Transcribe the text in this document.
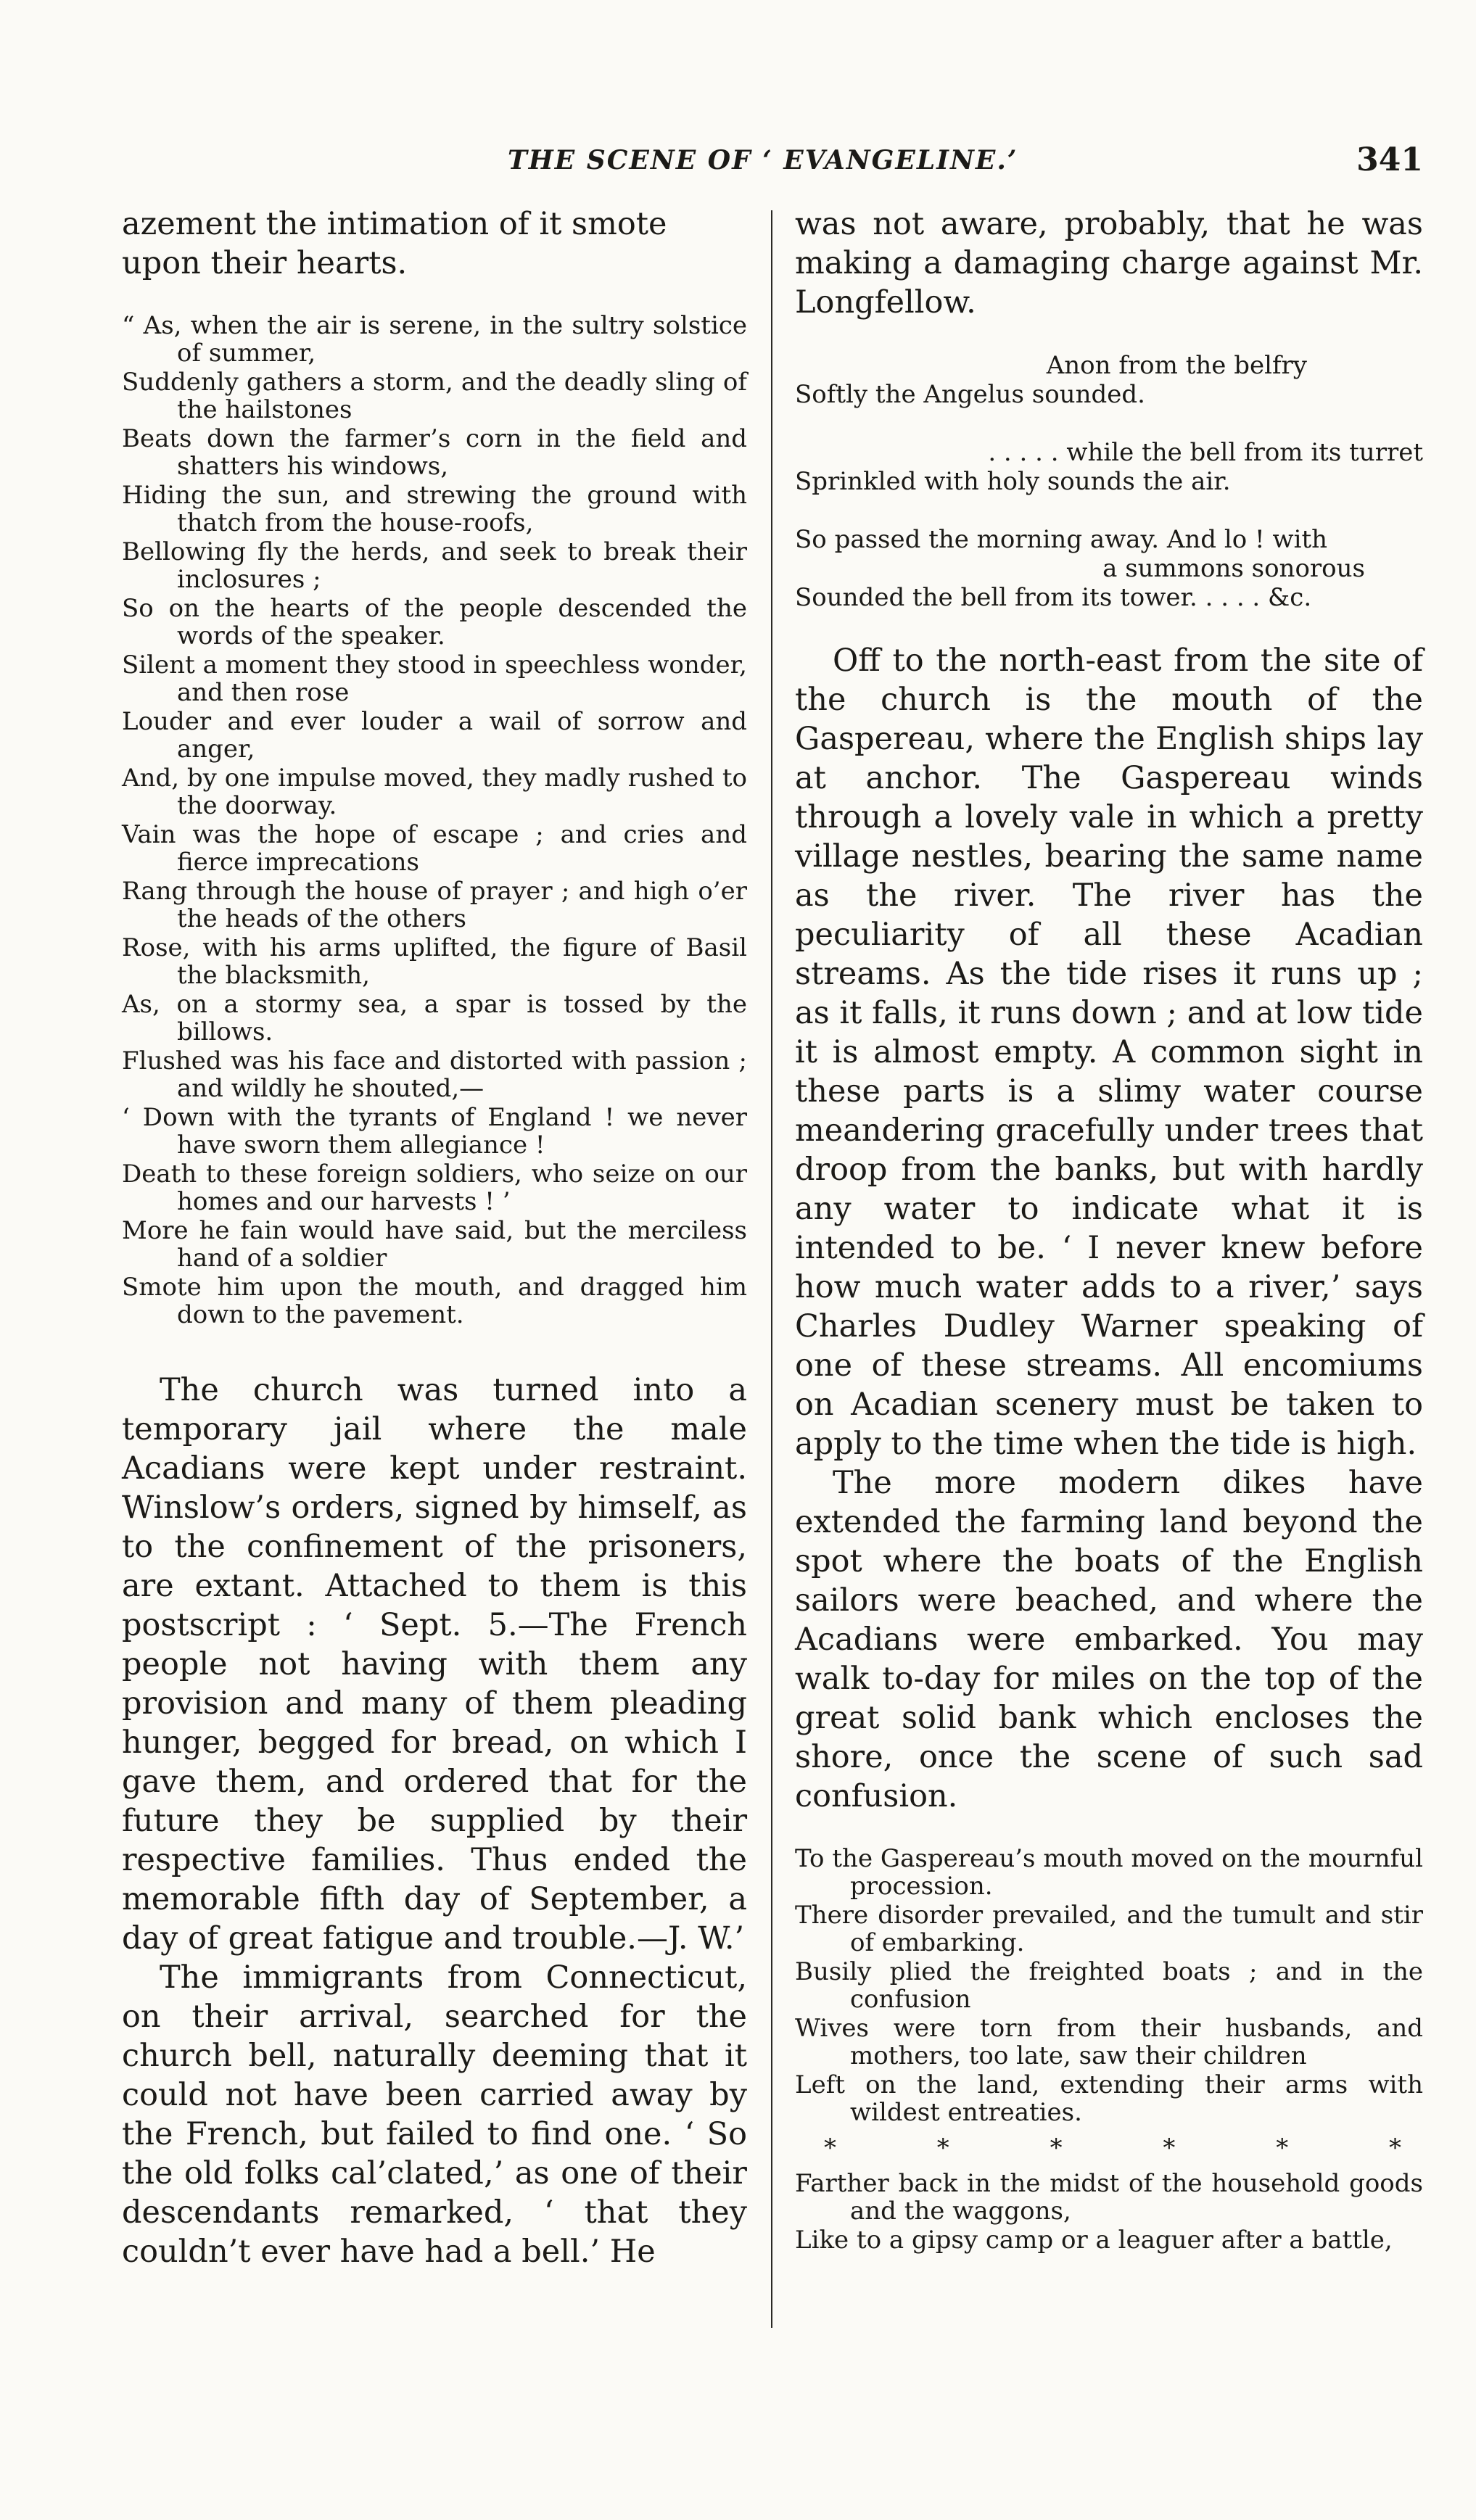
THE SCENE OF ‘ EVANGELINE.’	341

azement the intimation of it smote

upon their hearts.

“ As, when the air is serene, in the sultry solstice of summer,

Suddenly gathers a storm, and the deadly sling of the hailstones

Beats down the farmer’s corn in the field and shatters his windows,

Hiding the sun, and strewing the ground with thatch from the house-roofs,

Bellowing fly the herds, and seek to break their inclosures ;

So on the hearts of the people descended the words of the speaker.

Silent a moment they stood in speechless wonder, and then rose

Louder and ever louder a wail of sorrow and anger,

And, by one impulse moved, they madly rushed to the doorway.

Vain was the hope of escape ; and cries and fierce imprecations

Rang through the house of prayer ; and high o’er the heads of the others

Rose, with his arms uplifted, the figure of Basil the blacksmith,

As, on a stormy sea, a spar is tossed by the billows.

Flushed was his face and distorted with passion ; and wildly he shouted,—

‘ Down with the tyrants of England ! we never have sworn them allegiance !

Death to these foreign soldiers, who seize on our homes and our harvests ! ’

More he fain would have said, but the merciless hand of a soldier

Smote him upon the mouth, and dragged him down to the pavement.

The church was turned into a temporary jail where the male Acadians were kept under restraint. Winslow’s orders, signed by himself, as to the confinement of the prisoners, are extant. Attached to them is this postscript : ‘ Sept. 5.—The French people not having with them any provision and many of them pleading hunger, begged for bread, on which I gave them, and ordered that for the future they be supplied by their respective families. Thus ended the memorable fifth day of September, a day of great fatigue and trouble.—J. W.’

The immigrants from Connecticut, on their arrival, searched for the church bell, naturally deeming that it could not have been carried away by the French, but failed to find one. ‘ So the old folks cal’clated,’ as one of their descendants remarked, ‘ that they couldn’t ever have had a bell.’ He

was not aware, probably, that he was making a damaging charge against Mr. Longfellow.

Anon from the belfry

Softly the Angelus sounded.

. . . . . while the bell from its turret

Sprinkled with holy sounds the air.

So passed the morning away. And lo ! with

a summons sonorous

Sounded the bell from its tower. . . . . &c.

Off to the north-east from the site of the church is the mouth of the Gaspereau, where the English ships lay at anchor. The Gaspereau winds through a lovely vale in which a pretty village nestles, bearing the same name as the river. The river has the peculiarity of all these Acadian streams. As the tide rises it runs up ; as it falls, it runs down ; and at low tide it is almost empty. A common sight in these parts is a slimy water course meandering gracefully under trees that droop from the banks, but with hardly any water to indicate what it is intended to be. ‘ I never knew before how much water adds to a river,’ says Charles Dudley Warner speaking of one of these streams. All encomiums on Acadian scenery must be taken to apply to the time when the tide is high.

The more modern dikes have extended the farming land beyond the spot where the boats of the English sailors were beached, and where the Acadians were embarked. You may walk to-day for miles on the top of the great solid bank which encloses the shore, once the scene of such sad confusion.

To the Gaspereau’s mouth moved on the mournful procession.

There disorder prevailed, and the tumult and stir of embarking.

Busily plied the freighted boats ; and in the confusion

Wives were torn from their husbands, and mothers, too late, saw their children

Left on the land, extending their arms with wildest entreaties.

*	*	*	*	*	*

Farther back in the midst of the household goods and the waggons,

Like to a gipsy camp or a leaguer after a battle,
